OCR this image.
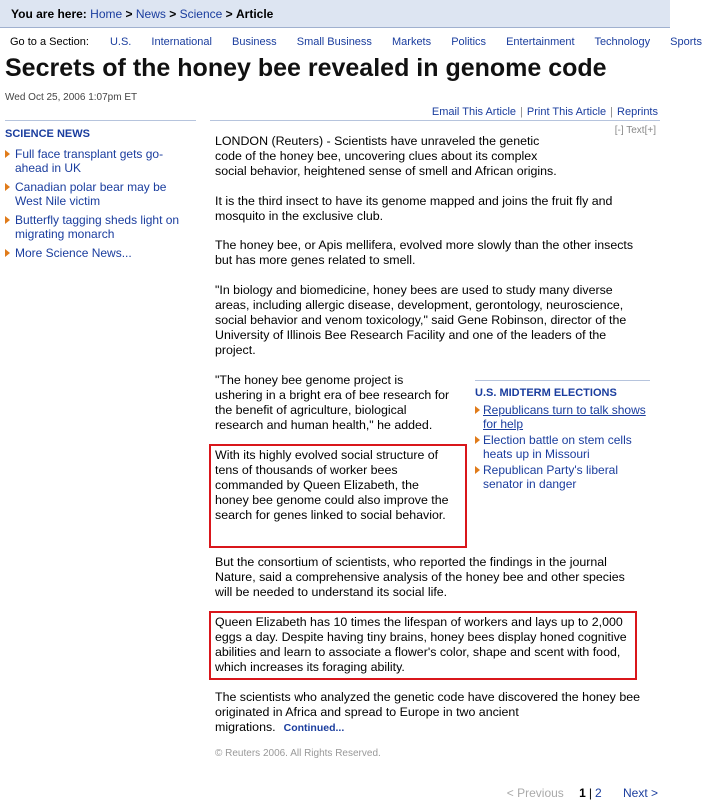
You are here: Home > News > Science > Article
Go to a Section: U.S. International Business Small Business Markets Politics Entertainment Technology Sports
Secrets of the honey bee revealed in genome code
Wed Oct 25, 2006 1:07pm ET
Email This Article | Print This Article | Reprints
[-] Text[+]
SCIENCE NEWS
Full face transplant gets go-ahead in UK
Canadian polar bear may be West Nile victim
Butterfly tagging sheds light on migrating monarch
More Science News...

LONDON (Reuters) - Scientists have unraveled the genetic code of the honey bee, uncovering clues about its complex social behavior, heightened sense of smell and African origins.

It is the third insect to have its genome mapped and joins the fruit fly and mosquito in the exclusive club.

The honey bee, or Apis mellifera, evolved more slowly than the other insects but has more genes related to smell.

"In biology and biomedicine, honey bees are used to study many diverse areas, including allergic disease, development, gerontology, neuroscience, social behavior and venom toxicology," said Gene Robinson, director of the University of Illinois Bee Research Facility and one of the leaders of the project.

"The honey bee genome project is ushering in a bright era of bee research for the benefit of agriculture, biological research and human health," he added.

With its highly evolved social structure of tens of thousands of worker bees commanded by Queen Elizabeth, the honey bee genome could also improve the search for genes linked to social behavior.

But the consortium of scientists, who reported the findings in the journal Nature, said a comprehensive analysis of the honey bee and other species will be needed to understand its social life.

Queen Elizabeth has 10 times the lifespan of workers and lays up to 2,000 eggs a day. Despite having tiny brains, honey bees display honed cognitive abilities and learn to associate a flower's color, shape and scent with food, which increases its foraging ability.

The scientists who analyzed the genetic code have discovered the honey bee originated in Africa and spread to Europe in two ancient migrations. Continued...

© Reuters 2006. All Rights Reserved.
U.S. MIDTERM ELECTIONS
Republicans turn to talk shows for help
Election battle on stem cells heats up in Missouri
Republican Party's liberal senator in danger
< Previous 1 | 2 Next >
